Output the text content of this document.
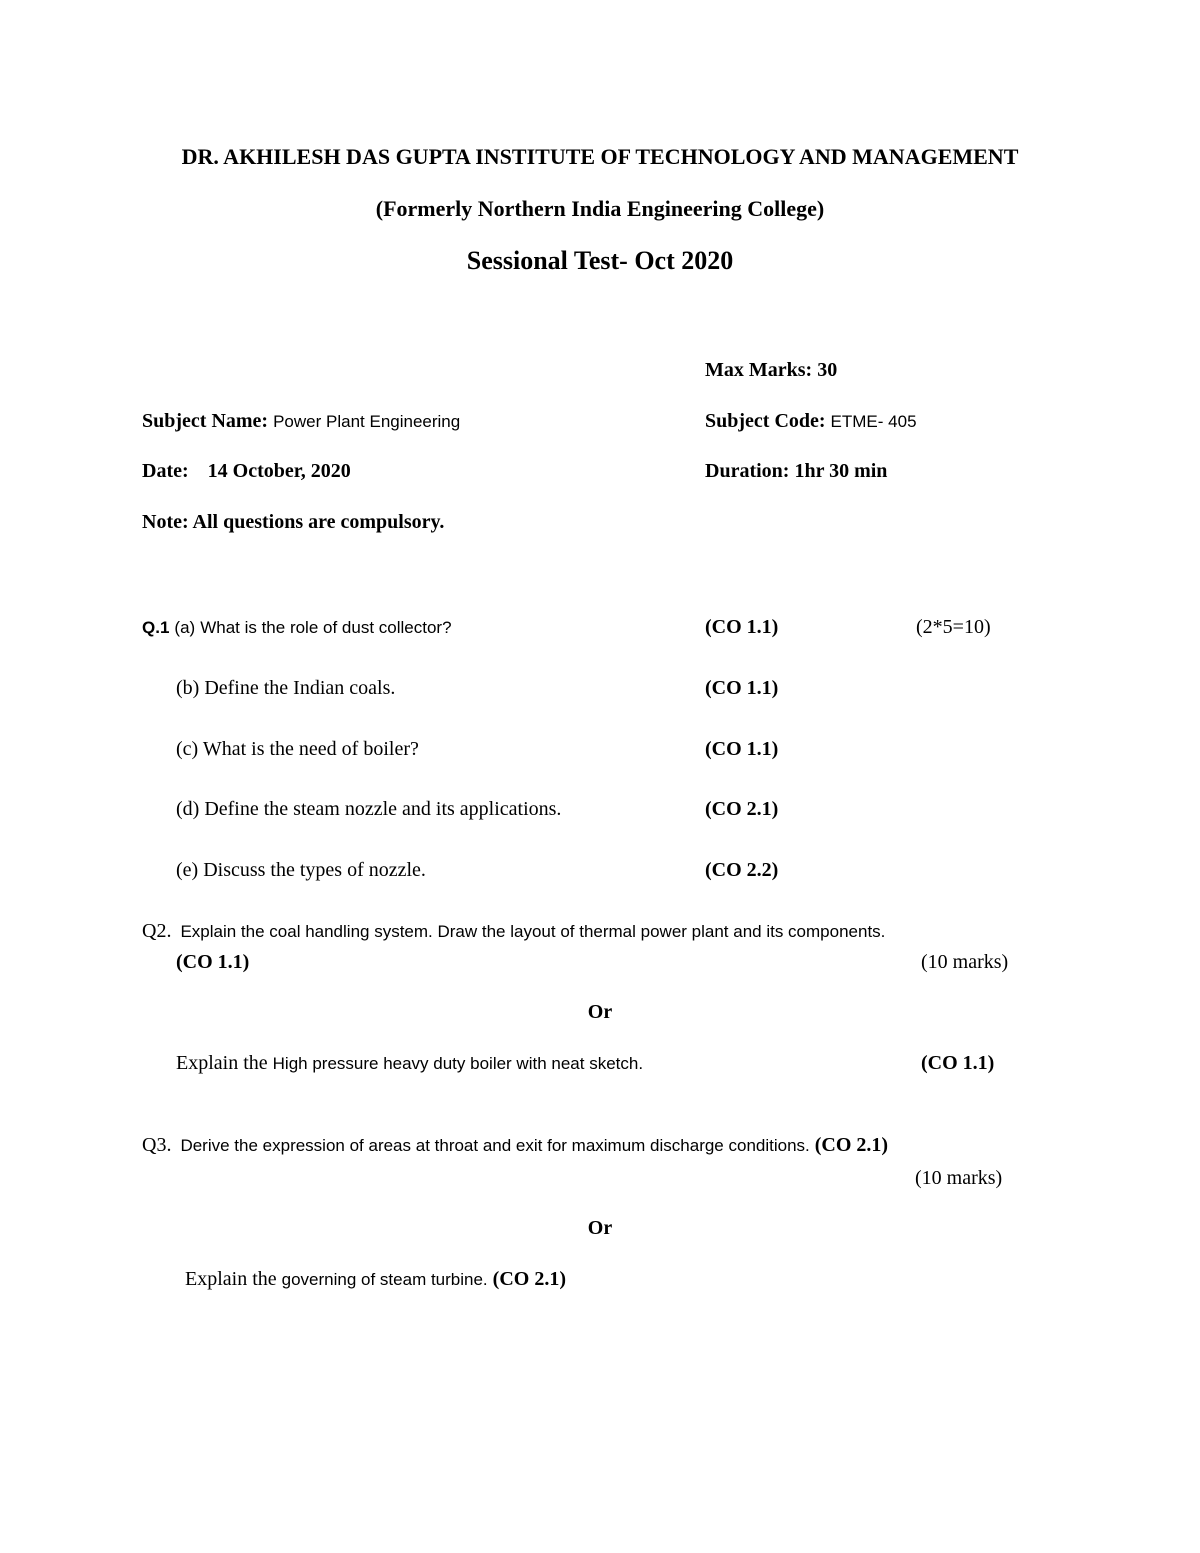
DR. AKHILESH DAS GUPTA INSTITUTE OF TECHNOLOGY AND MANAGEMENT
(Formerly Northern India Engineering College)
Sessional Test- Oct 2020
Max Marks: 30
Subject Name: Power Plant Engineering	Subject Code: ETME- 405
Date: 14 October, 2020	Duration: 1hr 30 min
Note: All questions are compulsory.
Q.1 (a) What is the role of dust collector?	(CO 1.1)	(2*5=10)
(b) Define the Indian coals.	(CO 1.1)
(c) What is the need of boiler?	(CO 1.1)
(d) Define the steam nozzle and its applications.	(CO 2.1)
(e) Discuss the types of nozzle.	(CO 2.2)
Q2. Explain the coal handling system. Draw the layout of thermal power plant and its components.
(CO 1.1)	(10 marks)
Or
Explain the High pressure heavy duty boiler with neat sketch.	(CO 1.1)
Q3. Derive the expression of areas at throat and exit for maximum discharge conditions. (CO 2.1)
(10 marks)
Or
Explain the governing of steam turbine. (CO 2.1)
